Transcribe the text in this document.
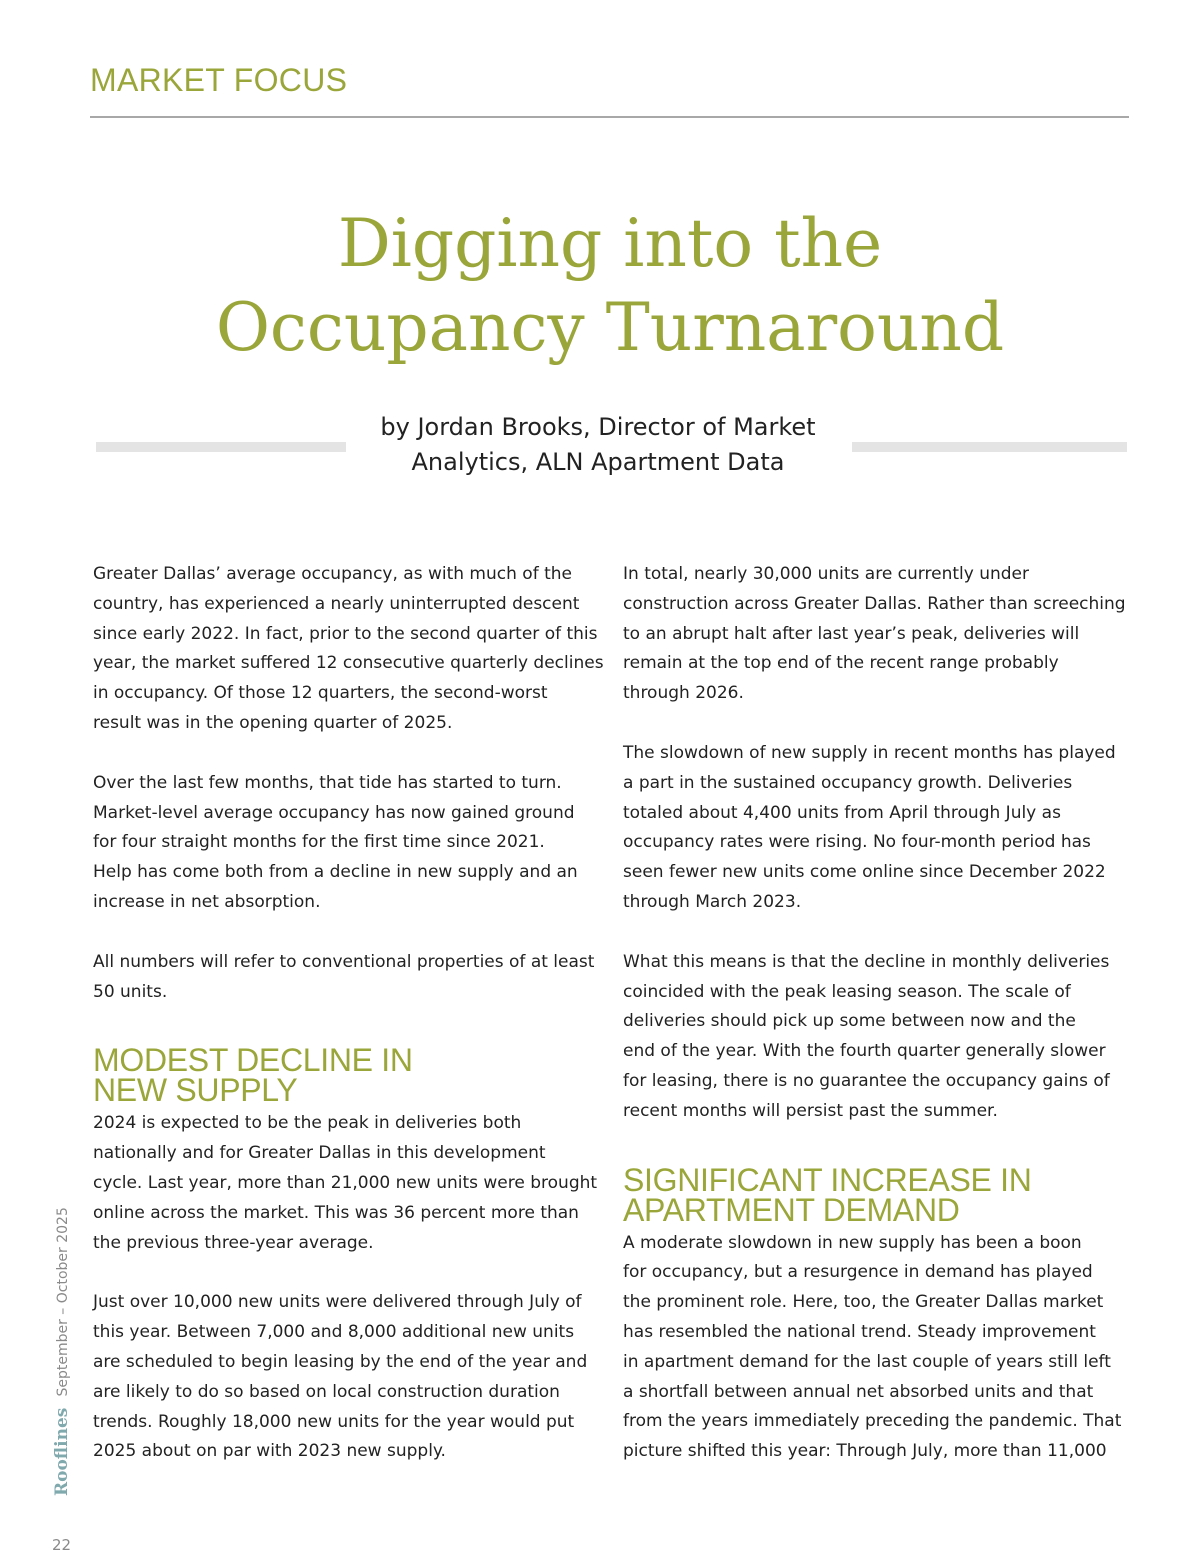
MARKET FOCUS
Digging into the
Occupancy Turnaround

by Jordan Brooks, Director of Market
Analytics, ALN Apartment Data

Greater Dallas’ average occupancy, as with much of the
country, has experienced a nearly uninterrupted descent
since early 2022. In fact, prior to the second quarter of this
year, the market suffered 12 consecutive quarterly declines
in occupancy. Of those 12 quarters, the second-worst
result was in the opening quarter of 2025.

Over the last few months, that tide has started to turn.
Market-level average occupancy has now gained ground
for four straight months for the first time since 2021.
Help has come both from a decline in new supply and an
increase in net absorption.

All numbers will refer to conventional properties of at least
50 units.

MODEST DECLINE IN
NEW SUPPLY

2024 is expected to be the peak in deliveries both
nationally and for Greater Dallas in this development
cycle. Last year, more than 21,000 new units were brought
online across the market. This was 36 percent more than
the previous three-year average.

Just over 10,000 new units were delivered through July of
this year. Between 7,000 and 8,000 additional new units
are scheduled to begin leasing by the end of the year and
are likely to do so based on local construction duration
trends. Roughly 18,000 new units for the year would put
2025 about on par with 2023 new supply.

In total, nearly 30,000 units are currently under
construction across Greater Dallas. Rather than screeching
to an abrupt halt after last year’s peak, deliveries will
remain at the top end of the recent range probably
through 2026.

The slowdown of new supply in recent months has played
a part in the sustained occupancy growth. Deliveries
totaled about 4,400 units from April through July as
occupancy rates were rising. No four-month period has
seen fewer new units come online since December 2022
through March 2023.

What this means is that the decline in monthly deliveries
coincided with the peak leasing season. The scale of
deliveries should pick up some between now and the
end of the year. With the fourth quarter generally slower
for leasing, there is no guarantee the occupancy gains of
recent months will persist past the summer.

SIGNIFICANT INCREASE IN
APARTMENT DEMAND

A moderate slowdown in new supply has been a boon
for occupancy, but a resurgence in demand has played
the prominent role. Here, too, the Greater Dallas market
has resembled the national trend. Steady improvement
in apartment demand for the last couple of years still left
a shortfall between annual net absorbed units and that
from the years immediately preceding the pandemic. That
picture shifted this year: Through July, more than 11,000

Rooflines September – October 2025
22
